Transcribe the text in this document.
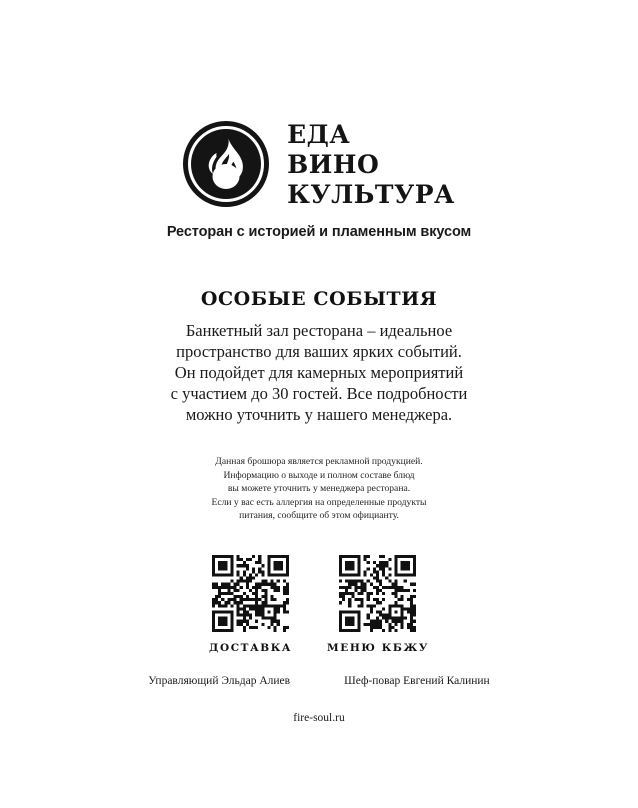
ЕДА
ВИНО
КУЛЬТУРА
Ресторан с историей и пламенным вкусом
ОСОБЫЕ СОБЫТИЯ
Банкетный зал ресторана – идеальное
пространство для ваших ярких событий.
Он подойдет для камерных мероприятий
с участием до 30 гостей. Все подробности
можно уточнить у нашего менеджера.
Данная брошюра является рекламной продукцией.
Информацию о выходе и полном составе блюд
вы можете уточнить у менеджера ресторана.
Если у вас есть аллергия на определенные продукты
питания, сообщите об этом официанту.
ДОСТАВКА	МЕНЮ КБЖУ
Управляющий Эльдар Алиев	Шеф-повар Евгений Калинин
fire-soul.ru
